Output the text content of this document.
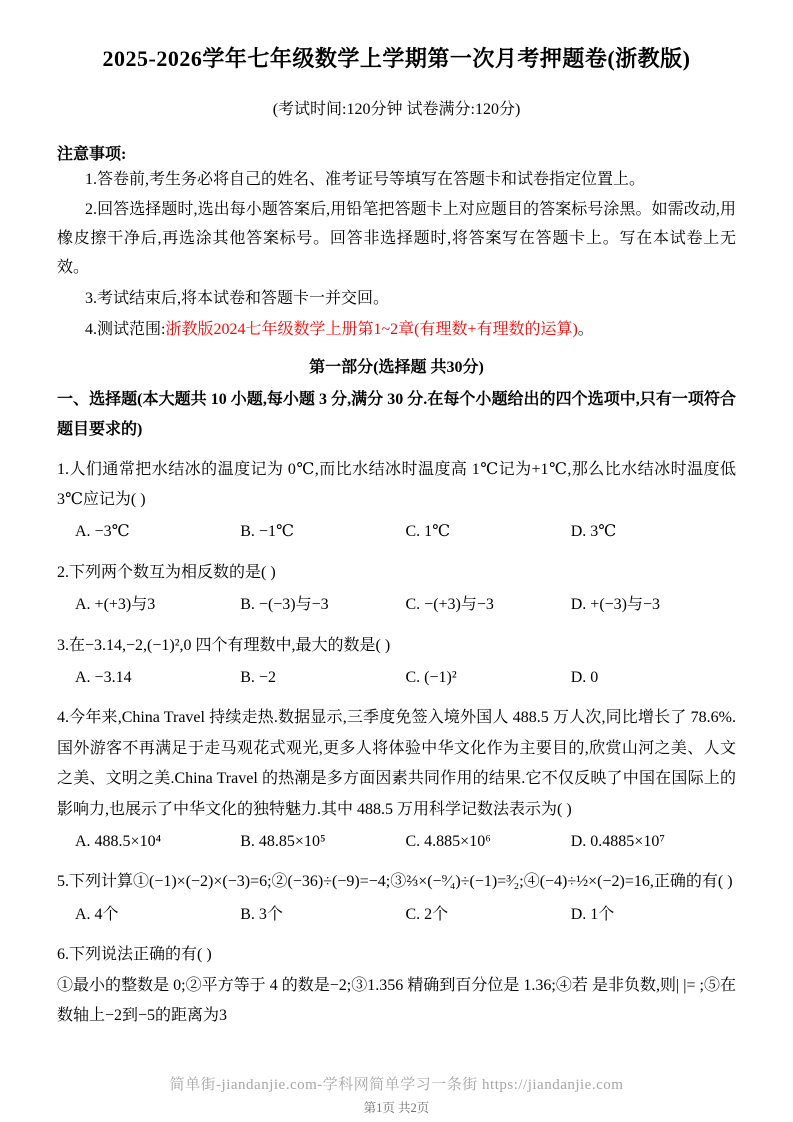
2025-2026学年七年级数学上学期第一次月考押题卷(浙教版)
(考试时间:120分钟 试卷满分:120分)
注意事项:

1.答卷前,考生务必将自己的姓名、准考证号等填写在答题卡和试卷指定位置上。

2.回答选择题时,选出每小题答案后,用铅笔把答题卡上对应题目的答案标号涂黑。如需改动,用橡皮擦干净后,再选涂其他答案标号。回答非选择题时,将答案写在答题卡上。写在本试卷上无效。

3.考试结束后,将本试卷和答题卡一并交回。

4.测试范围:浙教版2024七年级数学上册第1~2章(有理数+有理数的运算)。

第一部分(选择题 共30分)

一、选择题(本大题共 10 小题,每小题 3 分,满分 30 分.在每个小题给出的四个选项中,只有一项符合题目要求的)

1.人们通常把水结冰的温度记为 0℃,而比水结冰时温度高 1℃记为+1℃,那么比水结冰时温度低 3℃应记为( )

A. −3℃	B. −1℃	C. 1℃	D. 3℃

2.下列两个数互为相反数的是( )

A. +(+3)与3	B. −(−3)与−3	C. −(+3)与−3	D. +(−3)与−3

3.在−3.14,−2,(−1)²,0 四个有理数中,最大的数是( )

A. −3.14	B. −2	C. (−1)²	D. 0

4.今年来,China Travel 持续走热.数据显示,三季度免签入境外国人 488.5 万人次,同比增长了 78.6%.国外游客不再满足于走马观花式观光,更多人将体验中华文化作为主要目的,欣赏山河之美、人文之美、文明之美.China Travel 的热潮是多方面因素共同作用的结果.它不仅反映了中国在国际上的影响力,也展示了中华文化的独特魅力.其中 488.5 万用科学记数法表示为( )

A. 488.5×10⁴	B. 48.85×10⁵	C. 4.885×10⁶	D. 0.4885×10⁷

5.下列计算①(−1)×(−2)×(−3)=6;②(−36)÷(−9)=−4;③⅔×(−⁹⁄₄)÷(−1)=³⁄₂;④(−4)÷½×(−2)=16,正确的有( )

A. 4个	B. 3个	C. 2个	D. 1个

6.下列说法正确的有( )

①最小的整数是 0;②平方等于 4 的数是−2;③1.356 精确到百分位是 1.36;④若 是非负数,则| |= ;⑤在数轴上−2到−5的距离为3

简单街-jiandanjie.com-学科网简单学习一条街 https://jiandanjie.com
第1页 共2页
